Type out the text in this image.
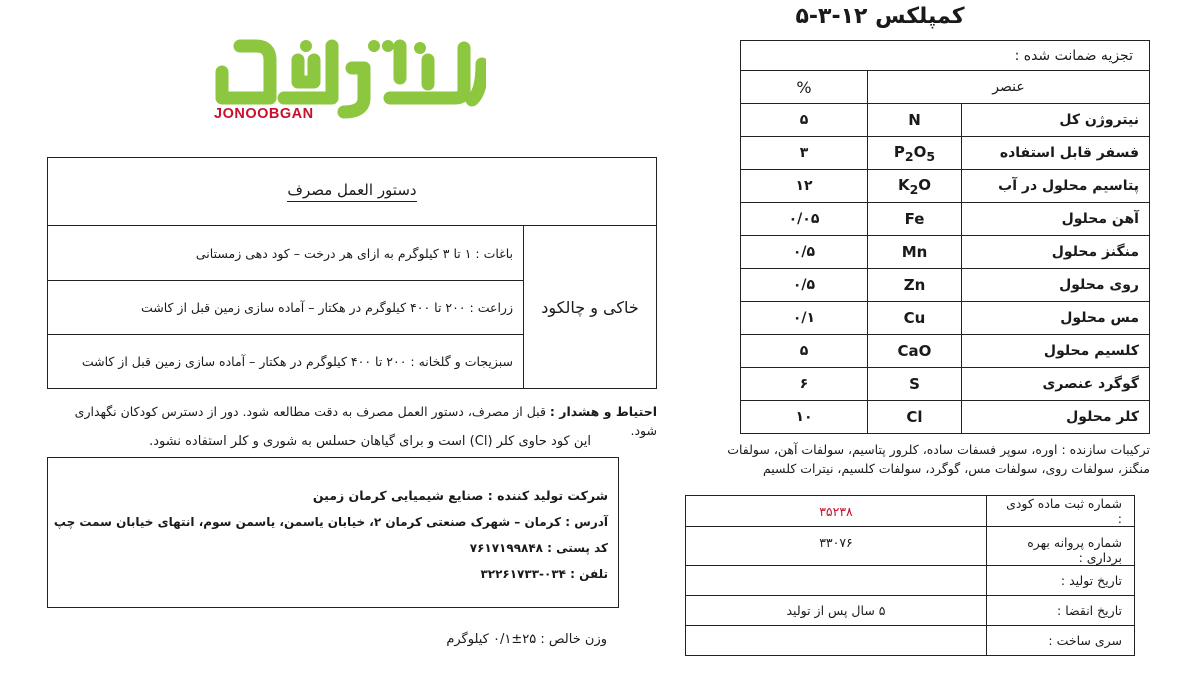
کمپلکس ۱۲-۳-۵
تجزیه ضمانت شده :		
عنصر		%
نیتروژن کل	N	۵
فسفر قابل استفاده	$P_2O_5$	۳
پتاسیم محلول در آب	$K_2O$	۱۲
آهن محلول	Fe	۰/۰۵
منگنز محلول	Mn	۰/۵
روی محلول	Zn	۰/۵
مس محلول	Cu	۰/۱
کلسیم محلول	CaO	۵
گوگرد عنصری	S	۶
کلر محلول	Cl	۱۰
ترکیبات سازنده : اوره، سوپر فسفات ساده، کلرور پتاسیم، سولفات آهن، سولفات
منگنز، سولفات روی، سولفات مس، گوگرد، سولفات کلسیم، نیترات کلسیم
شماره ثبت ماده کودی :	۳۵۲۳۸
شماره پروانه بهره برداری :	۳۳۰۷۶
تاریخ تولید :	
تاریخ انقضا :	۵ سال پس از تولید
سری ساخت :	
JONOOBGAN
دستور العمل مصرف
خاکی و چالکود
باغات : ۱ تا ۳ کیلوگرم به ازای هر درخت – کود دهی زمستانی
زراعت : ۲۰۰ تا ۴۰۰ کیلوگرم در هکتار – آماده سازی زمین قبل از کاشت
سبزیجات و گلخانه : ۲۰۰ تا ۴۰۰ کیلوگرم در هکتار – آماده سازی زمین قبل از کاشت
احتیاط و هشدار : قبل از مصرف، دستور العمل مصرف به دقت مطالعه شود. دور از دسترس کودکان نگهداری شود.
این کود حاوی کلر (Cl) است و برای گیاهان حسلس به شوری و کلر استفاده نشود.
شرکت تولید کننده : صنایع شیمیایی کرمان زمین
آدرس : کرمان – شهرک صنعتی کرمان ۲، خیابان یاسمن، یاسمن سوم، انتهای خیابان سمت چپ
کد پستی : ۷۶۱۷۱۹۹۸۴۸
تلفن : ۰۳۴-۳۲۲۶۱۷۳۳
وزن خالص : ۲۵±۰/۱ کیلوگرم
